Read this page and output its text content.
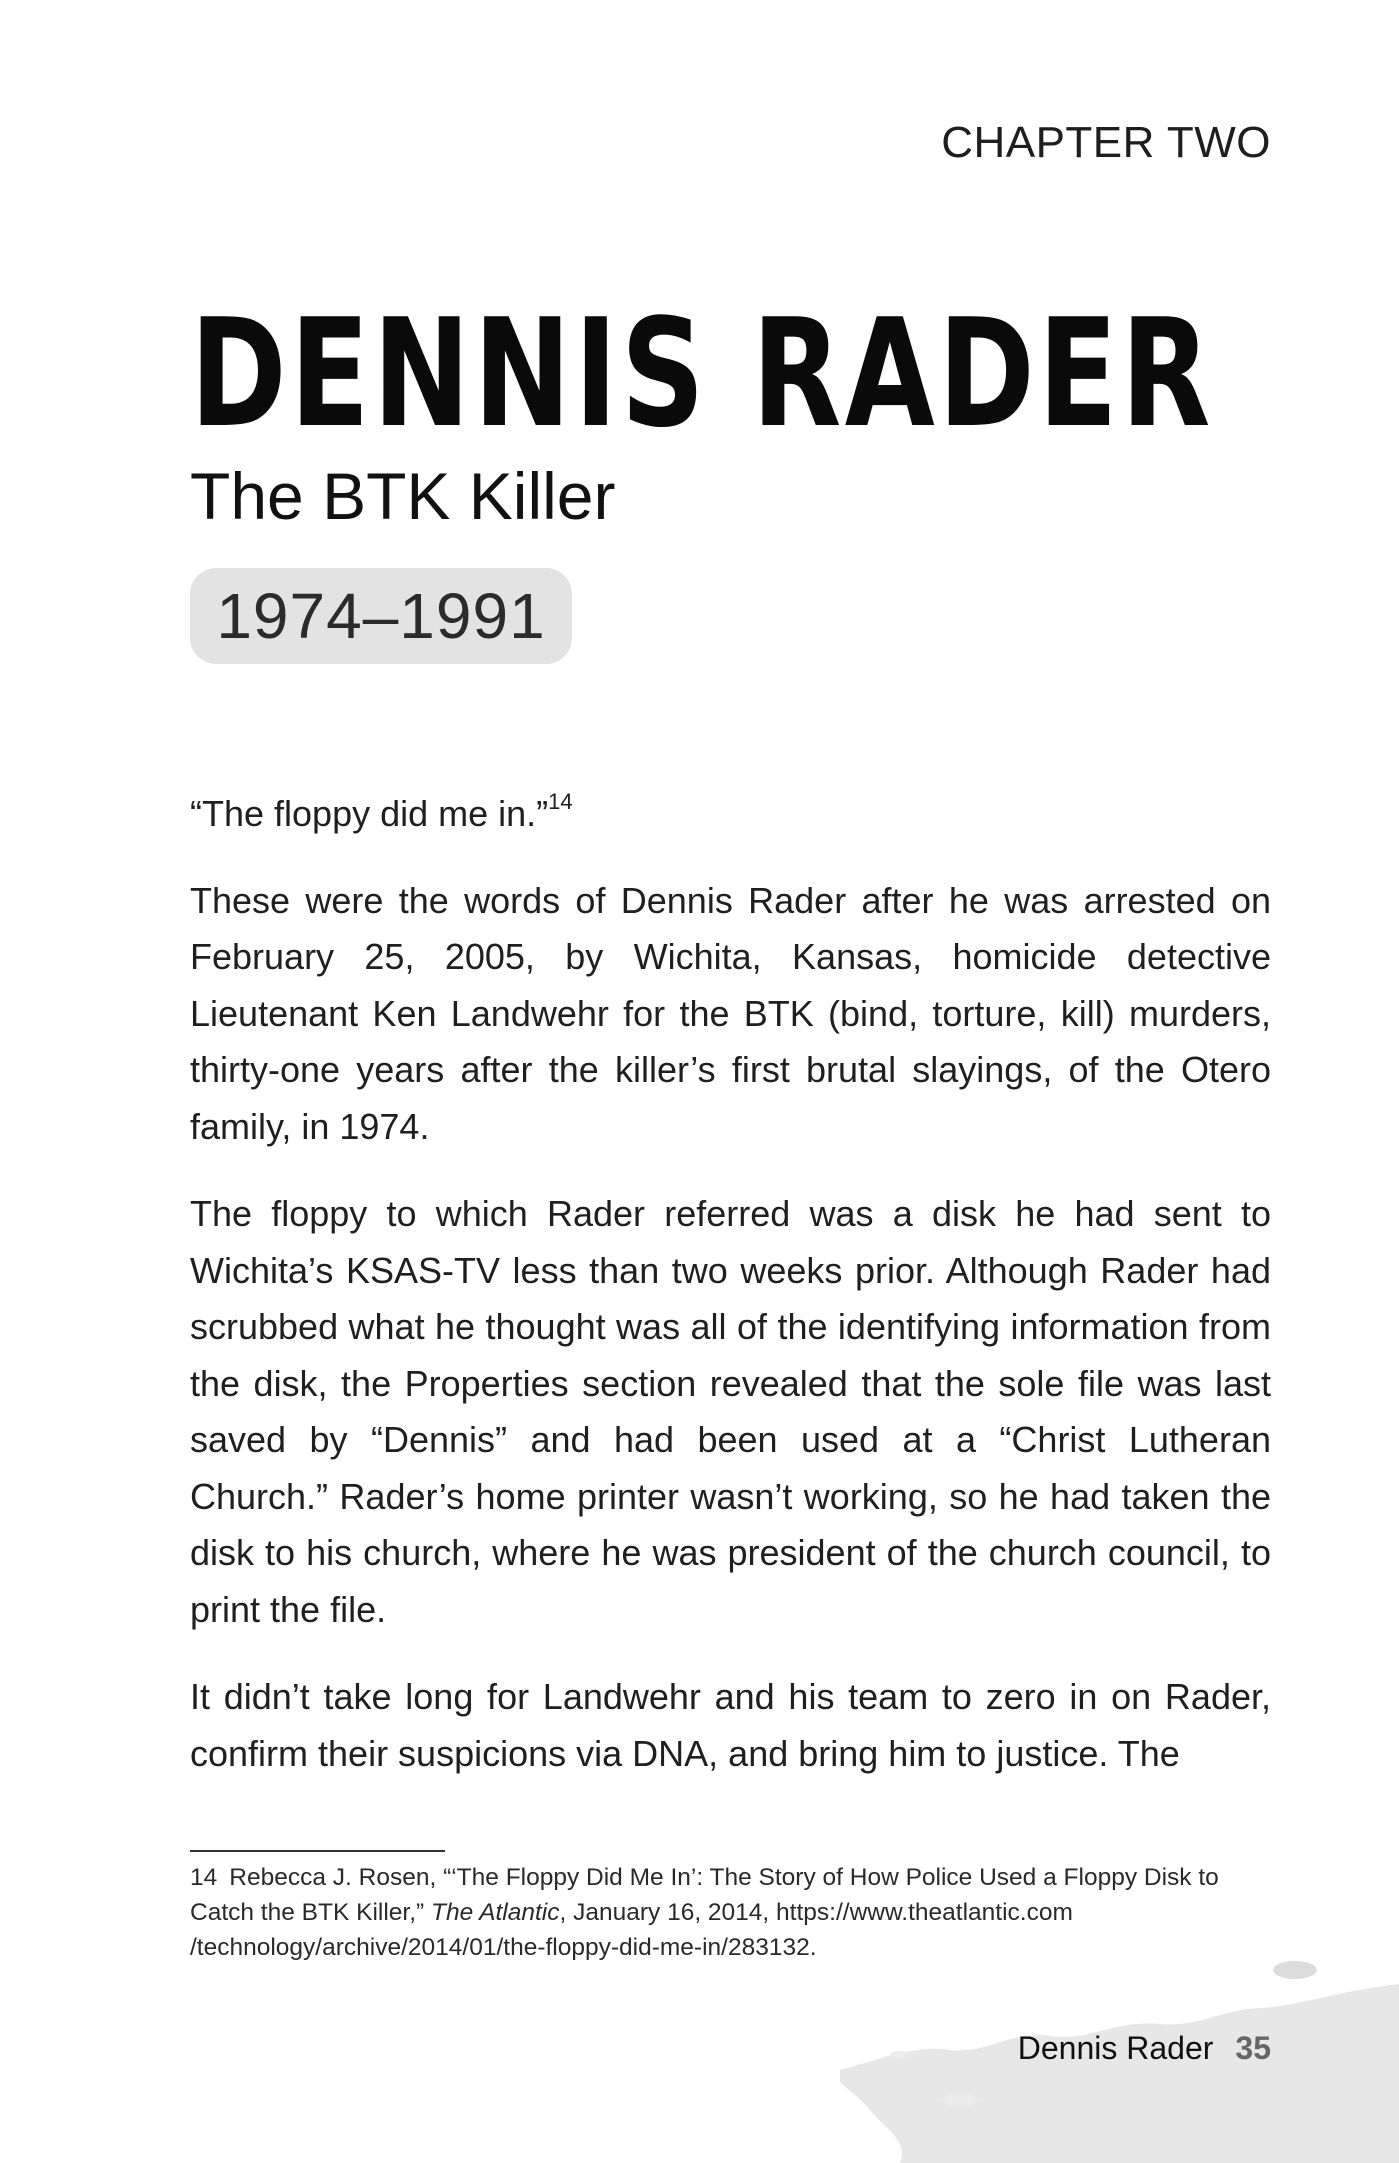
CHAPTER TWO
DENNIS RADER
The BTK Killer
1974–1991

“The floppy did me in.”$^{14}$

These were the words of Dennis Rader after he was arrested on February 25, 2005, by Wichita, Kansas, homicide detective Lieutenant Ken Landwehr for the BTK (bind, torture, kill) murders, thirty-one years after the killer’s first brutal slayings, of the Otero family, in 1974.

The floppy to which Rader referred was a disk he had sent to Wichita’s KSAS-TV less than two weeks prior. Although Rader had scrubbed what he thought was all of the identifying information from the disk, the Properties section revealed that the sole file was last saved by “Dennis” and had been used at a “Christ Lutheran Church.” Rader’s home printer wasn’t working, so he had taken the disk to his church, where he was president of the church council, to print the file.

It didn’t take long for Landwehr and his team to zero in on Rader, confirm their suspicions via DNA, and bring him to justice. The

14 Rebecca J. Rosen, “‘The Floppy Did Me In’: The Story of How Police Used a Floppy Disk to Catch the BTK Killer,” The Atlantic, January 16, 2014, https://www.theatlantic.com /technology/archive/2014/01/the-floppy-did-me-in/283132.
Dennis Rader 35
